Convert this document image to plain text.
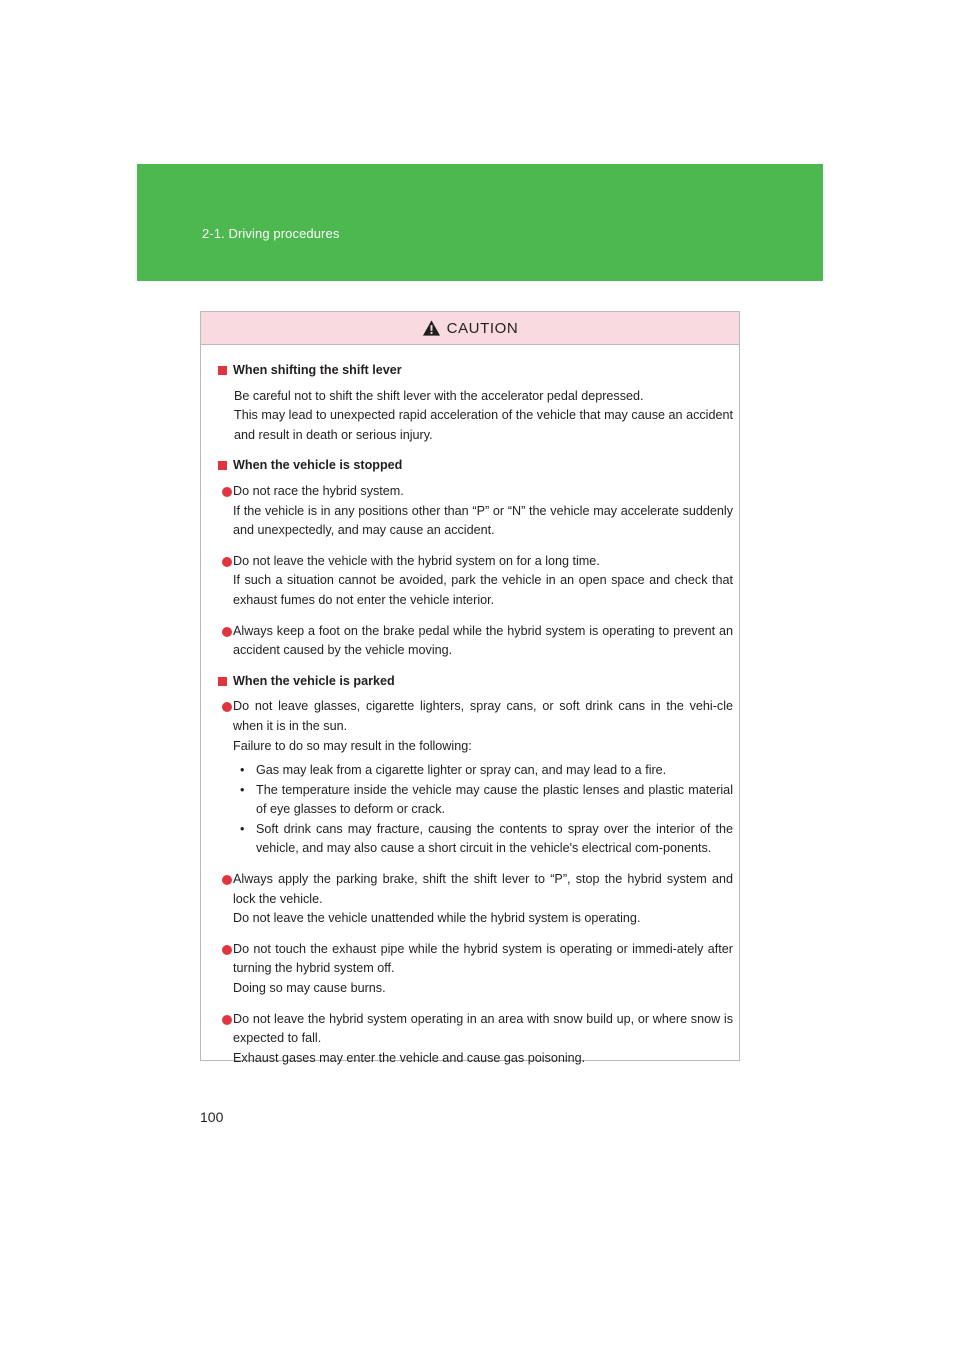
2-1. Driving procedures
CAUTION
When shifting the shift lever
Be careful not to shift the shift lever with the accelerator pedal depressed.
This may lead to unexpected rapid acceleration of the vehicle that may cause an accident and result in death or serious injury.
When the vehicle is stopped
Do not race the hybrid system.
If the vehicle is in any positions other than “P” or “N” the vehicle may accelerate suddenly and unexpectedly, and may cause an accident.
Do not leave the vehicle with the hybrid system on for a long time.
If such a situation cannot be avoided, park the vehicle in an open space and check that exhaust fumes do not enter the vehicle interior.
Always keep a foot on the brake pedal while the hybrid system is operating to prevent an accident caused by the vehicle moving.
When the vehicle is parked
Do not leave glasses, cigarette lighters, spray cans, or soft drink cans in the vehi-cle when it is in the sun.
Failure to do so may result in the following:
• Gas may leak from a cigarette lighter or spray can, and may lead to a fire.
• The temperature inside the vehicle may cause the plastic lenses and plastic material of eye glasses to deform or crack.
• Soft drink cans may fracture, causing the contents to spray over the interior of the vehicle, and may also cause a short circuit in the vehicle's electrical com-ponents.
Always apply the parking brake, shift the shift lever to “P”, stop the hybrid system and lock the vehicle.
Do not leave the vehicle unattended while the hybrid system is operating.
Do not touch the exhaust pipe while the hybrid system is operating or immedi-ately after turning the hybrid system off.
Doing so may cause burns.
Do not leave the hybrid system operating in an area with snow build up, or where snow is expected to fall.
Exhaust gases may enter the vehicle and cause gas poisoning.
100
